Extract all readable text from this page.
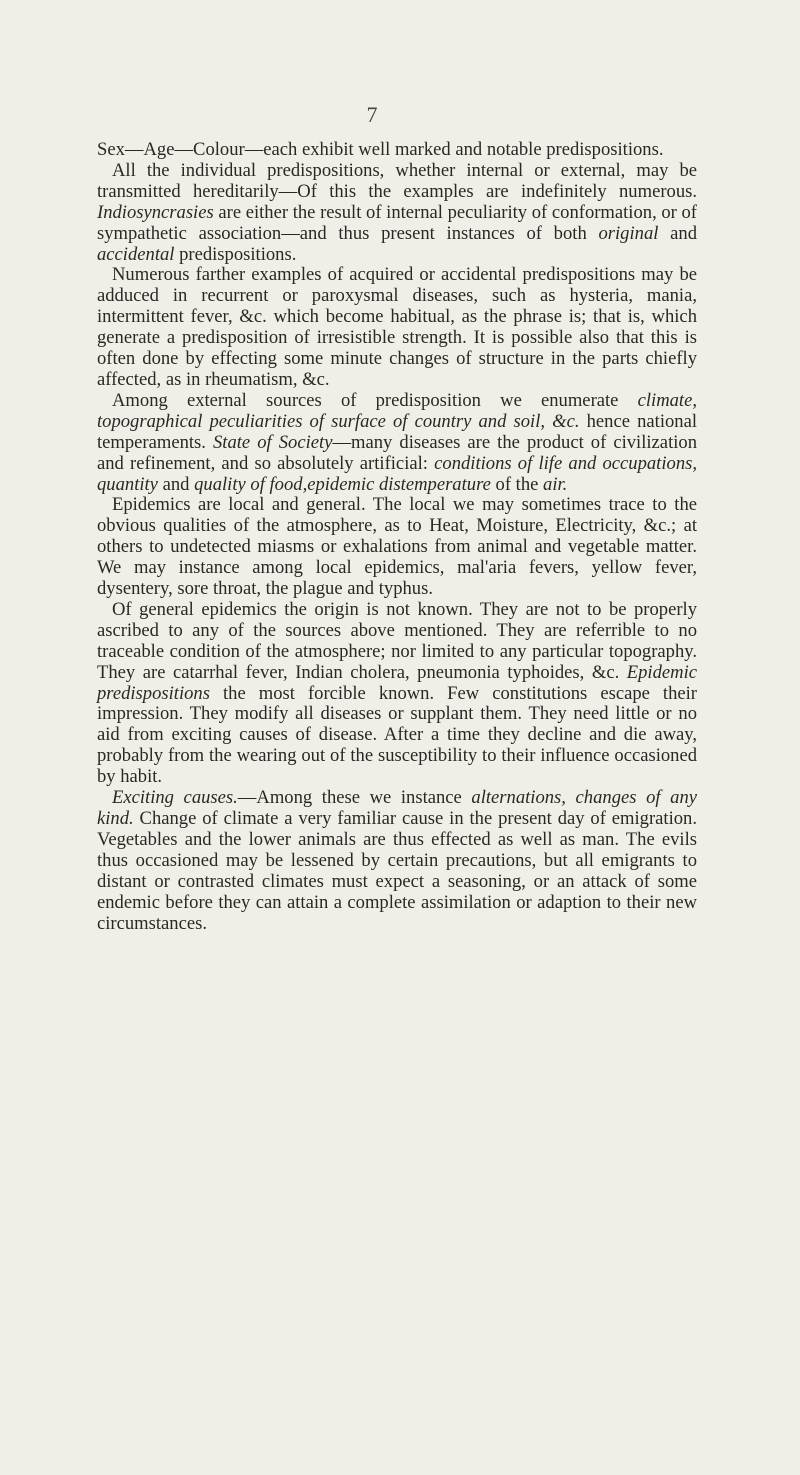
7

Sex—Age—Colour—each exhibit well marked and notable predispositions.

All the individual predispositions, whether internal or external, may be transmitted hereditarily—Of this the examples are indefinitely numerous. Indiosyncrasies are either the result of internal peculiarity of conformation, or of sympathetic association—and thus present instances of both original and accidental predispositions.

Numerous farther examples of acquired or accidental predispositions may be adduced in recurrent or paroxysmal diseases, such as hysteria, mania, intermittent fever, &c. which become habitual, as the phrase is; that is, which generate a predisposition of irresistible strength. It is possible also that this is often done by effecting some minute changes of structure in the parts chiefly affected, as in rheumatism, &c.

Among external sources of predisposition we enumerate climate, topographical peculiarities of surface of country and soil, &c. hence national temperaments. State of Society—many diseases are the product of civilization and refinement, and so absolutely artificial: conditions of life and occupations, quantity and quality of food,epidemic distemperature of the air.

Epidemics are local and general. The local we may sometimes trace to the obvious qualities of the atmosphere, as to Heat, Moisture, Electricity, &c.; at others to undetected miasms or exhalations from animal and vegetable matter. We may instance among local epidemics, mal'aria fevers, yellow fever, dysentery, sore throat, the plague and typhus.

Of general epidemics the origin is not known. They are not to be properly ascribed to any of the sources above mentioned. They are referrible to no traceable condition of the atmosphere; nor limited to any particular topography. They are catarrhal fever, Indian cholera, pneumonia typhoides, &c. Epidemic predispositions the most forcible known. Few constitutions escape their impression. They modify all diseases or supplant them. They need little or no aid from exciting causes of disease. After a time they decline and die away, probably from the wearing out of the susceptibility to their influence occasioned by habit.

Exciting causes.—Among these we instance alternations, changes of any kind. Change of climate a very familiar cause in the present day of emigration. Vegetables and the lower animals are thus effected as well as man. The evils thus occasioned may be lessened by certain precautions, but all emigrants to distant or contrasted climates must expect a seasoning, or an attack of some endemic before they can attain a complete assimilation or adaption to their new circumstances.
